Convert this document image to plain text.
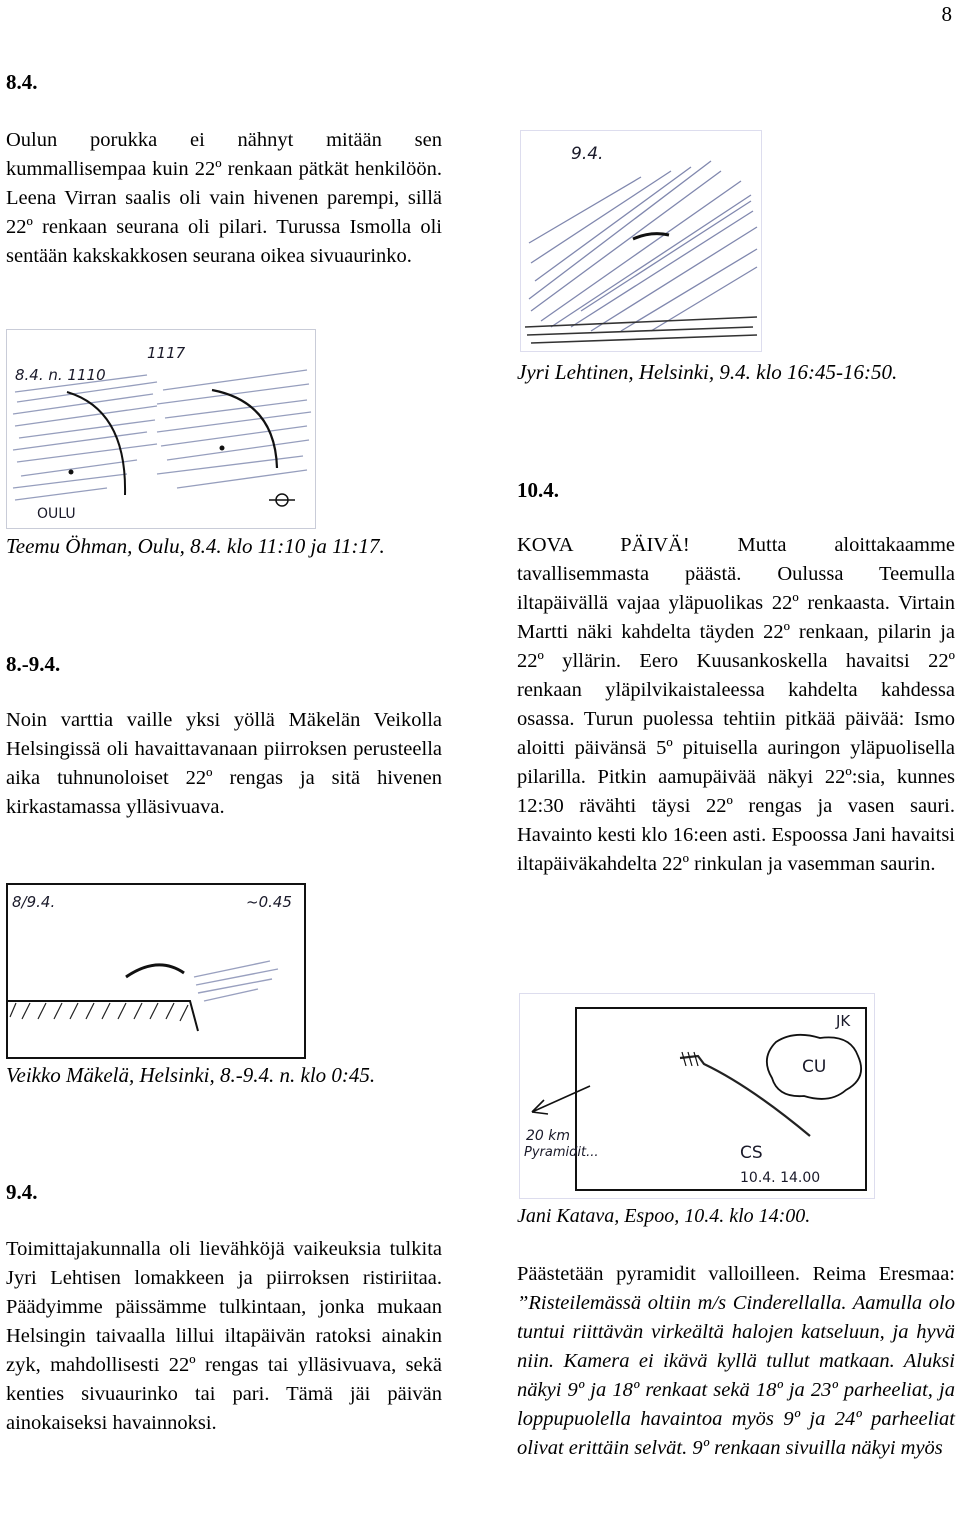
8
8.4.
Oulun porukka ei nähnyt mitään sen kummallisempaa kuin 22º renkaan pätkät henkilöön. Leena Virran saalis oli vain hivenen parempi, sillä 22º renkaan seurana oli pilari. Turussa Ismolla oli sentään kakskakkosen seurana oikea sivuaurinko.
8.4. n. 1110
1117
OULU
Teemu Öhman, Oulu, 8.4. klo 11:10 ja 11:17.
8.-9.4.
Noin varttia vaille yksi yöllä Mäkelän Veikolla Helsingissä oli havaittavanaan piirroksen perusteella aika tuhnunoloiset 22º rengas ja sitä hivenen kirkastamassa ylläsivuava.
8/9.4.	~0.45
Veikko Mäkelä, Helsinki, 8.-9.4. n. klo 0:45.
9.4.
Toimittajakunnalla oli lievähköjä vaikeuksia tulkita Jyri Lehtisen lomakkeen ja piirroksen ristiriitaa. Päädyimme päissämme tulkintaan, jonka mukaan Helsingin taivaalla lillui iltapäivän ratoksi ainakin zyk, mahdollisesti 22º rengas tai ylläsivuava, sekä kenties sivuaurinko tai pari. Tämä jäi päivän ainokaiseksi havainnoksi.
9.4.
Jyri Lehtinen, Helsinki, 9.4. klo 16:45-16:50.
10.4.
KOVA PÄIVÄ! Mutta aloittakaamme tavallisemmasta päästä. Oulussa Teemulla iltapäivällä vajaa yläpuolikas 22º renkaasta. Virtain Martti näki kahdelta täyden 22º renkaan, pilarin ja 22º yllärin. Eero Kuusankoskella havaitsi 22º renkaan yläpilvikaistaleessa kahdelta kahdessa osassa. Turun puolessa tehtiin pitkää päivää: Ismo aloitti päivänsä 5º pituisella auringon yläpuolisella pilarilla. Pitkin aamupäivää näkyi 22º:sia, kunnes 12:30 rävähti täysi 22º rengas ja vasen sauri. Havainto kesti klo 16:een asti. Espoossa Jani havaitsi iltapäiväkahdelta 22º rinkulan ja vasemman saurin.
JK
CU
20 km
Pyramidit...	CS
10.4. 14.00
Jani Katava, Espoo, 10.4. klo 14:00.
Päästetään pyramidit valloilleen. Reima Eresmaa: ”Risteilemässä oltiin m/s Cinderellalla. Aamulla olo tuntui riittävän virkeältä halojen katseluun, ja hyvä niin. Kamera ei ikävä kyllä tullut matkaan. Aluksi näkyi 9º ja 18º renkaat sekä 18º ja 23º parheeliat, ja loppupuolella havaintoa myös 9º ja 24º parheeliat olivat erittäin selvät. 9º renkaan sivuilla näkyi myös
